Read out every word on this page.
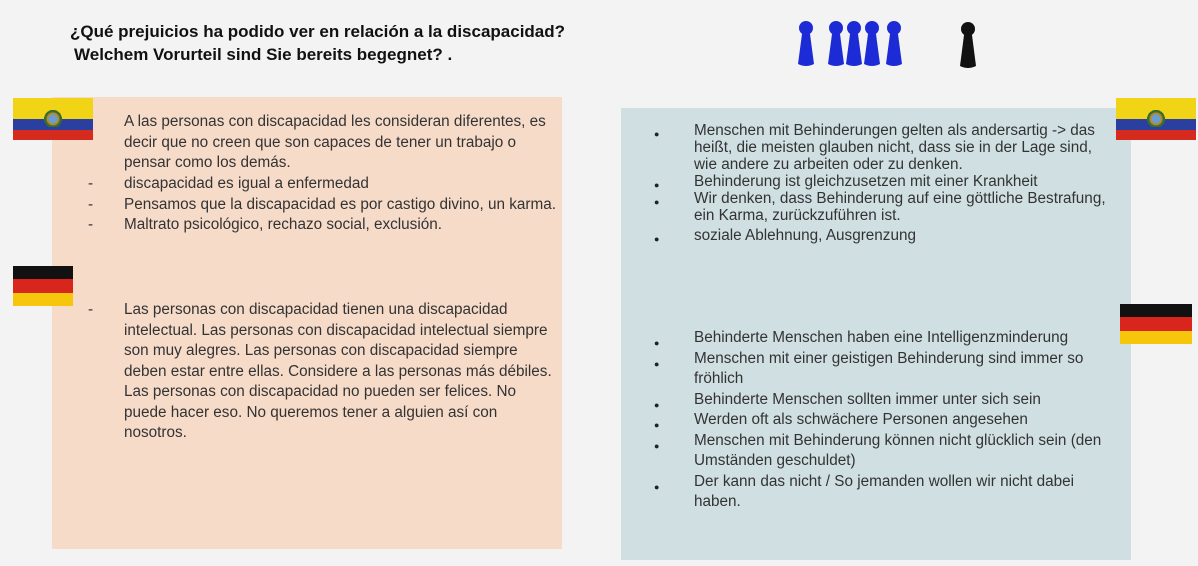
¿Qué prejuicios ha podido ver en relación a la discapacidad?
Welchem Vorurteil sind Sie bereits begegnet? .

A las personas con discapacidad les consideran diferentes, es decir que no creen que son capaces de tener un trabajo o pensar como los demás.

- discapacidad es igual a enfermedad
- Pensamos que la discapacidad es por castigo divino, un karma.
- Maltrato psicológico, rechazo social, exclusión.
- Las personas con discapacidad tienen una discapacidad intelectual. Las personas con discapacidad intelectual siempre son muy alegres. Las personas con discapacidad siempre deben estar entre ellas. Considere a las personas más débiles. Las personas con discapacidad no pueden ser felices. No puede hacer eso. No queremos tener a alguien así con nosotros.
● Menschen mit Behinderungen gelten als andersartig -> das heißt, die meisten glauben nicht, dass sie in der Lage sind, wie andere zu arbeiten oder zu denken.
● Behinderung ist gleichzusetzen mit einer Krankheit
● Wir denken, dass Behinderung auf eine göttliche Bestrafung, ein Karma, zurückzuführen ist.
● soziale Ablehnung, Ausgrenzung
● Behinderte Menschen haben eine Intelligenzminderung
● Menschen mit einer geistigen Behinderung sind immer so fröhlich
● Behinderte Menschen sollten immer unter sich sein
● Werden oft als schwächere Personen angesehen
● Menschen mit Behinderung können nicht glücklich sein (den Umständen geschuldet)
● Der kann das nicht / So jemanden wollen wir nicht dabei haben.
